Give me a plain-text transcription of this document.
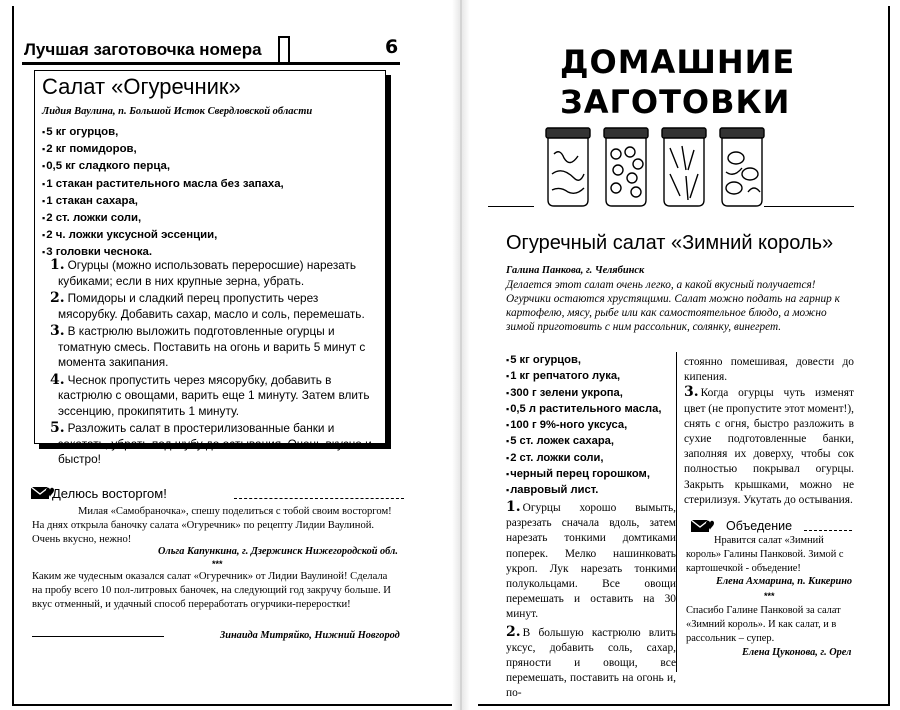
Лучшая заготовочка номера	6
Салат «Огуречник»
Лидия Ваулина, п. Большой Исток Свердловской области
▪ 5 кг огурцов,
▪ 2 кг помидоров,
▪ 0,5 кг сладкого перца,
▪ 1 стакан растительного масла без запаха,
▪ 1 стакан сахара,
▪ 2 ст. ложки соли,
▪ 2 ч. ложки уксусной эссенции,
▪ 3 головки чеснока.
1. Огурцы (можно использовать переросшие) нарезать кубиками; если в них крупные зерна, убрать.
2. Помидоры и сладкий перец пропустить через мясорубку. Добавить сахар, масло и соль, перемешать.
3. В кастрюлю выложить подготовленные огурцы и томатную смесь. Поставить на огонь и варить 5 минут с момента закипания.
4. Чеснок пропустить через мясорубку, добавить в кастрюлю с овощами, варить еще 1 минуту. Затем влить эссенцию, прокипятить 1 минуту.
5. Разложить салат в простерилизованные банки и закатать, убрать под шубу до остывания. Очень вкусно и быстро!
Делюсь восторгом!
Милая «Самобраночка», спешу поделиться с тобой своим восторгом! На днях открыла баночку салата «Огуречник» по рецепту Лидии Ваулиной. Очень вкусно, нежно!
Ольга Капункина, г. Дзержинск Нижегородской обл.
***
Каким же чудесным оказался салат «Огуречник» от Лидии Ваулиной! Сделала на пробу всего 10 пол-литровых баночек, на следующий год закручу больше. И вкус отменный, и удачный способ переработать огурчики-переростки!
Зинаида Митряйко, Нижний Новгород
ДОМАШНИЕ
ЗАГОТОВКИ
Огуречный салат «Зимний король»
Галина Панкова, г. Челябинск
Делается этот салат очень легко, а какой вкусный получается! Огурчики остаются хрустящими. Салат можно подать на гарнир к картофелю, мясу, рыбе или как самостоятельное блюдо, а можно зимой приготовить с ним рассольник, солянку, винегрет.
▪ 5 кг огурцов,
▪ 1 кг репчатого лука,
▪ 300 г зелени укропа,
▪ 0,5 л растительного масла,
▪ 100 г 9%-ного уксуса,
▪ 5 ст. ложек сахара,
▪ 2 ст. ложки соли,
▪ черный перец горошком,
▪ лавровый лист.
1. Огурцы хорошо вымыть, разрезать сначала вдоль, затем нарезать тонкими домтиками поперек. Мелко нашинковать укроп. Лук нарезать тонкими полукольцами. Все овощи перемешать и оставить на 30 минут.
2. В большую кастрюлю влить уксус, добавить соль, сахар, пряности и овощи, все перемешать, поставить на огонь и, по-
стоянно помешивая, довести до кипения.
3. Когда огурцы чуть изменят цвет (не пропустите этот момент!), снять с огня, быстро разложить в сухие подготовленные банки, заполняя их доверху, чтобы сок полностью покрывал огурцы. Закрыть крышками, можно не стерилизуя. Укутать до остывания.
Объедение
Нравится салат «Зимний король» Галины Панковой. Зимой с картошечкой - объедение!
Елена Ахмарина, п. Кикерино
***
Спасибо Галине Панковой за салат «Зимний король». И как салат, и в рассольник – супер.
Елена Цуконова, г. Орел
